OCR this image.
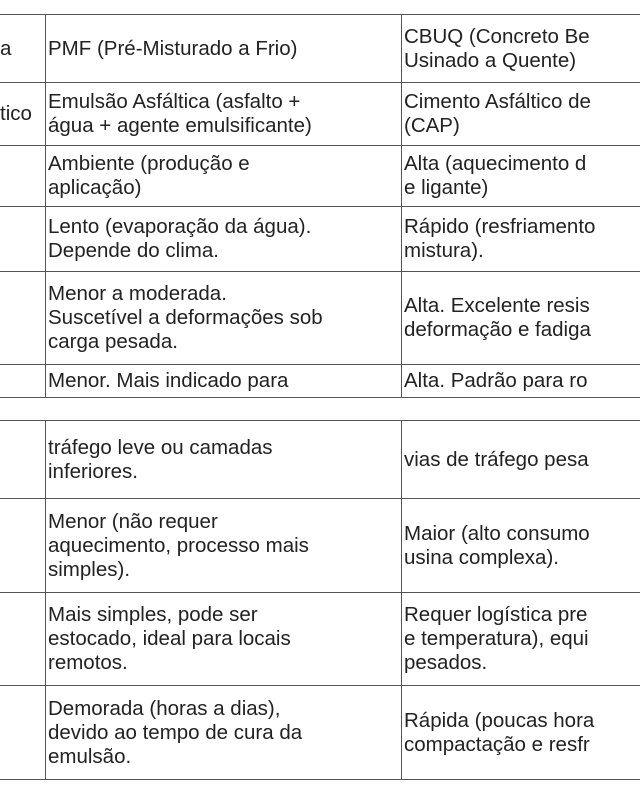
a	PMF (Pré-Misturado a Frio)	CBUQ (Concreto Be
Usinado a Quente)

tico	Emulsão Asfáltica (asfalto +
água + agente emulsificante)	Cimento Asfáltico de
(CAP)

	Ambiente (produção e
aplicação)	Alta (aquecimento d
e ligante)

	Lento (evaporação da água).
Depende do clima.	Rápido (resfriamento
mistura).

	Menor a moderada.
Suscetível a deformações sob
carga pesada.	Alta. Excelente resis
deformação e fadiga

	Menor. Mais indicado para	Alta. Padrão para ro

	tráfego leve ou camadas
inferiores.	vias de tráfego pesa

	Menor (não requer
aquecimento, processo mais
simples).	Maior (alto consumo
usina complexa).

	Mais simples, pode ser
estocado, ideal para locais
remotos.	Requer logística pre
e temperatura), equi
pesados.

	Demorada (horas a dias),
devido ao tempo de cura da
emulsão.	Rápida (poucas hora
compactação e resfr
